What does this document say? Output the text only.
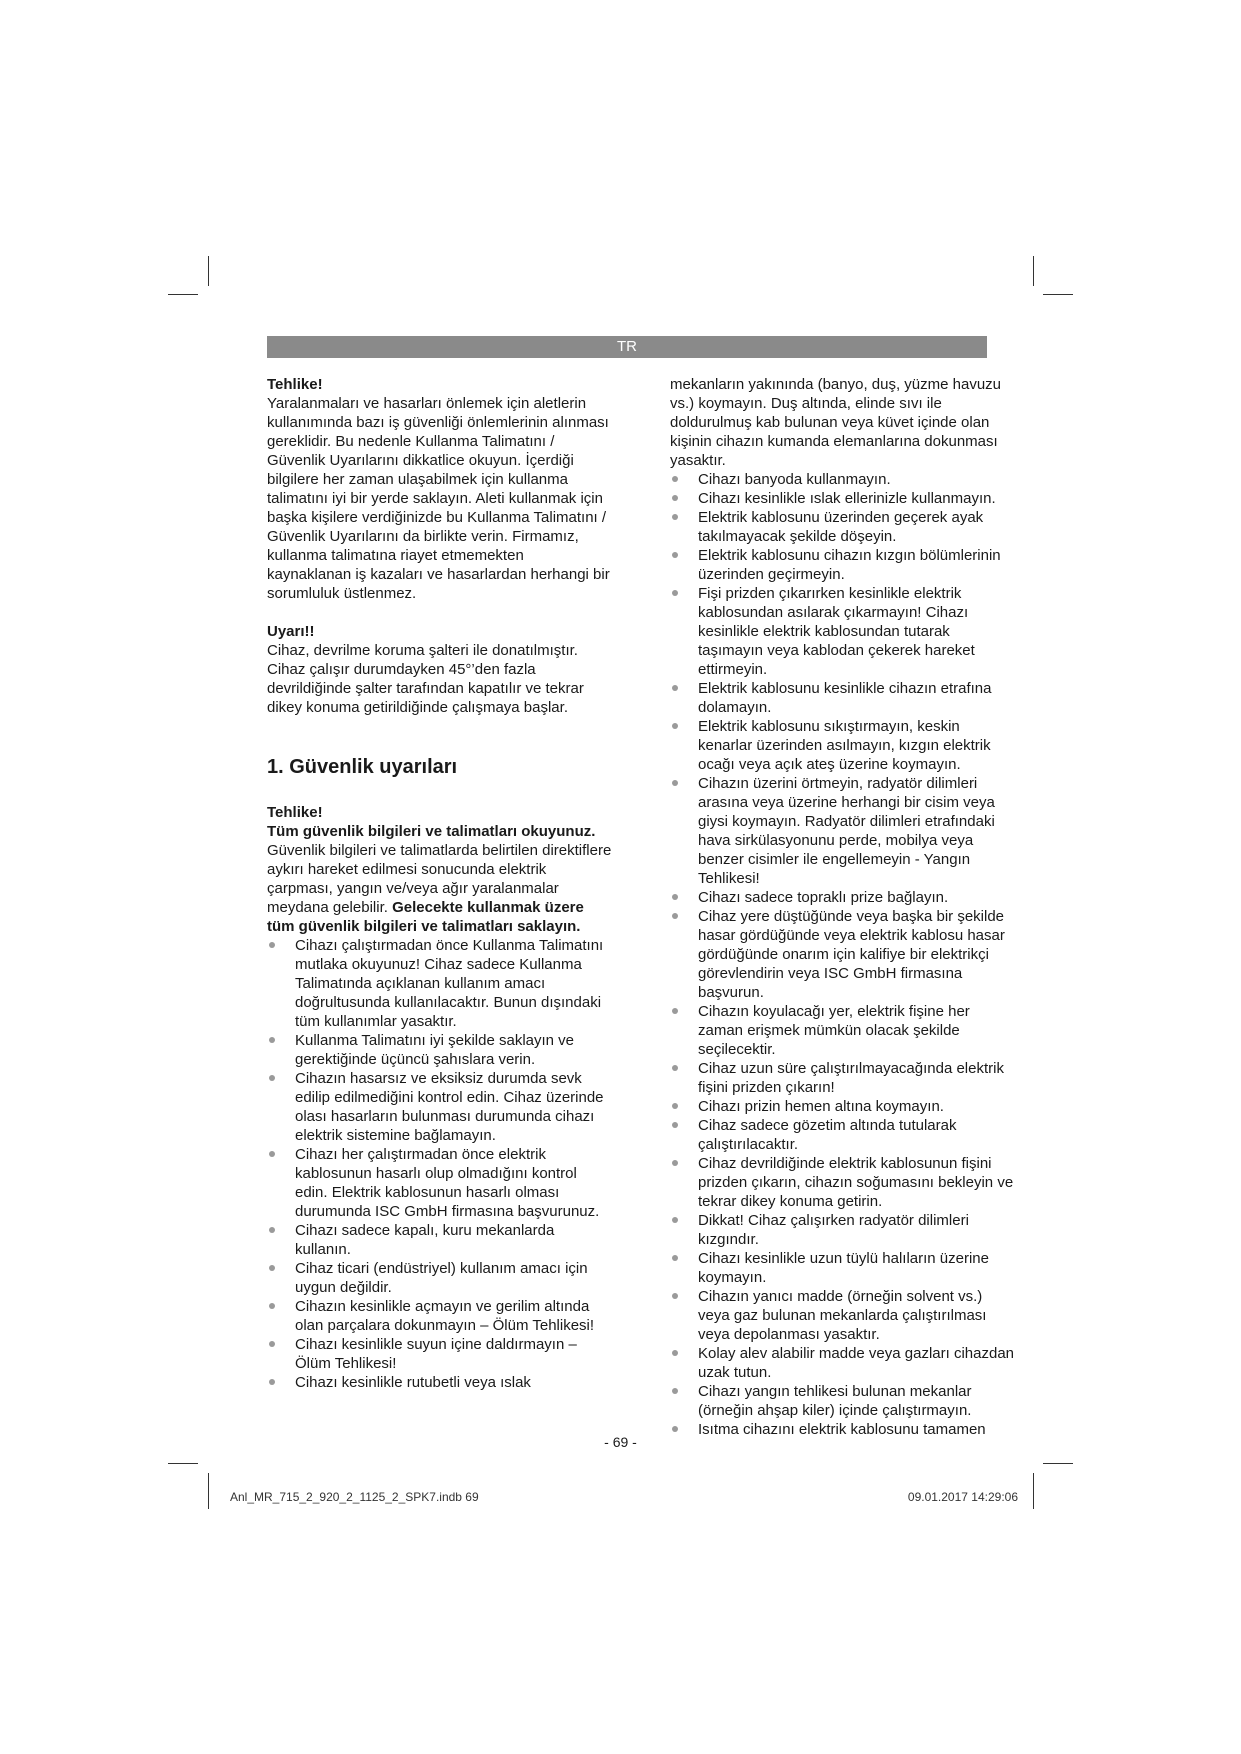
TR

Tehlike!

Yaralanmaları ve hasarları önlemek için aletlerin kullanımında bazı iş güvenliği önlemlerinin alınması gereklidir. Bu nedenle Kullanma Talimatını / Güvenlik Uyarılarını dikkatlice okuyun. İçerdiği bilgilere her zaman ulaşabilmek için kullanma talimatını iyi bir yerde saklayın. Aleti kullanmak için başka kişilere verdiğinizde bu Kullanma Talimatını / Güvenlik Uyarılarını da birlikte verin. Firmamız, kullanma talimatına riayet etmemekten kaynaklanan iş kazaları ve hasarlardan herhangi bir sorumluluk üstlenmez.

Uyarı!!

Cihaz, devrilme koruma şalteri ile donatılmıştır. Cihaz çalışır durumdayken 45°’den fazla devrildiğinde şalter tarafından kapatılır ve tekrar dikey konuma getirildiğinde çalışmaya başlar.

1. Güvenlik uyarıları

Tehlike!

Tüm güvenlik bilgileri ve talimatları okuyunuz. Güvenlik bilgileri ve talimatlarda belirtilen direktiflere aykırı hareket edilmesi sonucunda elektrik çarpması, yangın ve/veya ağır yaralanmalar meydana gelebilir. Gelecekte kullanmak üzere tüm güvenlik bilgileri ve talimatları saklayın.

Cihazı çalıştırmadan önce Kullanma Talimatını mutlaka okuyunuz! Cihaz sadece Kullanma Talimatında açıklanan kullanım amacı doğrultusunda kullanılacaktır. Bunun dışındaki tüm kullanımlar yasaktır.
Kullanma Talimatını iyi şekilde saklayın ve gerektiğinde üçüncü şahıslara verin.
Cihazın hasarsız ve eksiksiz durumda sevk edilip edilmediğini kontrol edin. Cihaz üzerinde olası hasarların bulunması durumunda cihazı elektrik sistemine bağlamayın.
Cihazı her çalıştırmadan önce elektrik kablosunun hasarlı olup olmadığını kontrol edin. Elektrik kablosunun hasarlı olması durumunda ISC GmbH firmasına başvurunuz.
Cihazı sadece kapalı, kuru mekanlarda kullanın.
Cihaz ticari (endüstriyel) kullanım amacı için uygun değildir.
Cihazın kesinlikle açmayın ve gerilim altında olan parçalara dokunmayın – Ölüm Tehlikesi!
Cihazı kesinlikle suyun içine daldırmayın – Ölüm Tehlikesi!
Cihazı kesinlikle rutubetli veya ıslak

mekanların yakınında (banyo, duş, yüzme havuzu vs.) koymayın. Duş altında, elinde sıvı ile doldurulmuş kab bulunan veya küvet içinde olan kişinin cihazın kumanda elemanlarına dokunması yasaktır.

Cihazı banyoda kullanmayın.
Cihazı kesinlikle ıslak ellerinizle kullanmayın.
Elektrik kablosunu üzerinden geçerek ayak takılmayacak şekilde döşeyin.
Elektrik kablosunu cihazın kızgın bölümlerinin üzerinden geçirmeyin.
Fişi prizden çıkarırken kesinlikle elektrik kablosundan asılarak çıkarmayın! Cihazı kesinlikle elektrik kablosundan tutarak taşımayın veya kablodan çekerek hareket ettirmeyin.
Elektrik kablosunu kesinlikle cihazın etrafına dolamayın.
Elektrik kablosunu sıkıştırmayın, keskin kenarlar üzerinden asılmayın, kızgın elektrik ocağı veya açık ateş üzerine koymayın.
Cihazın üzerini örtmeyin, radyatör dilimleri arasına veya üzerine herhangi bir cisim veya giysi koymayın. Radyatör dilimleri etrafındaki hava sirkülasyonunu perde, mobilya veya benzer cisimler ile engellemeyin - Yangın Tehlikesi!
Cihazı sadece topraklı prize bağlayın.
Cihaz yere düştüğünde veya başka bir şekilde hasar gördüğünde veya elektrik kablosu hasar gördüğünde onarım için kalifiye bir elektrikçi görevlendirin veya ISC GmbH firmasına başvurun.
Cihazın koyulacağı yer, elektrik fişine her zaman erişmek mümkün olacak şekilde seçilecektir.
Cihaz uzun süre çalıştırılmayacağında elektrik fişini prizden çıkarın!
Cihazı prizin hemen altına koymayın.
Cihaz sadece gözetim altında tutularak çalıştırılacaktır.
Cihaz devrildiğinde elektrik kablosunun fişini prizden çıkarın, cihazın soğumasını bekleyin ve tekrar dikey konuma getirin.
Dikkat! Cihaz çalışırken radyatör dilimleri kızgındır.
Cihazı kesinlikle uzun tüylü halıların üzerine koymayın.
Cihazın yanıcı madde (örneğin solvent vs.) veya gaz bulunan mekanlarda çalıştırılması veya depolanması yasaktır.
Kolay alev alabilir madde veya gazları cihazdan uzak tutun.
Cihazı yangın tehlikesi bulunan mekanlar (örneğin ahşap kiler) içinde çalıştırmayın.
Isıtma cihazını elektrik kablosunu tamamen
- 69 -
Anl_MR_715_2_920_2_1125_2_SPK7.indb 69	09.01.2017 14:29:06
